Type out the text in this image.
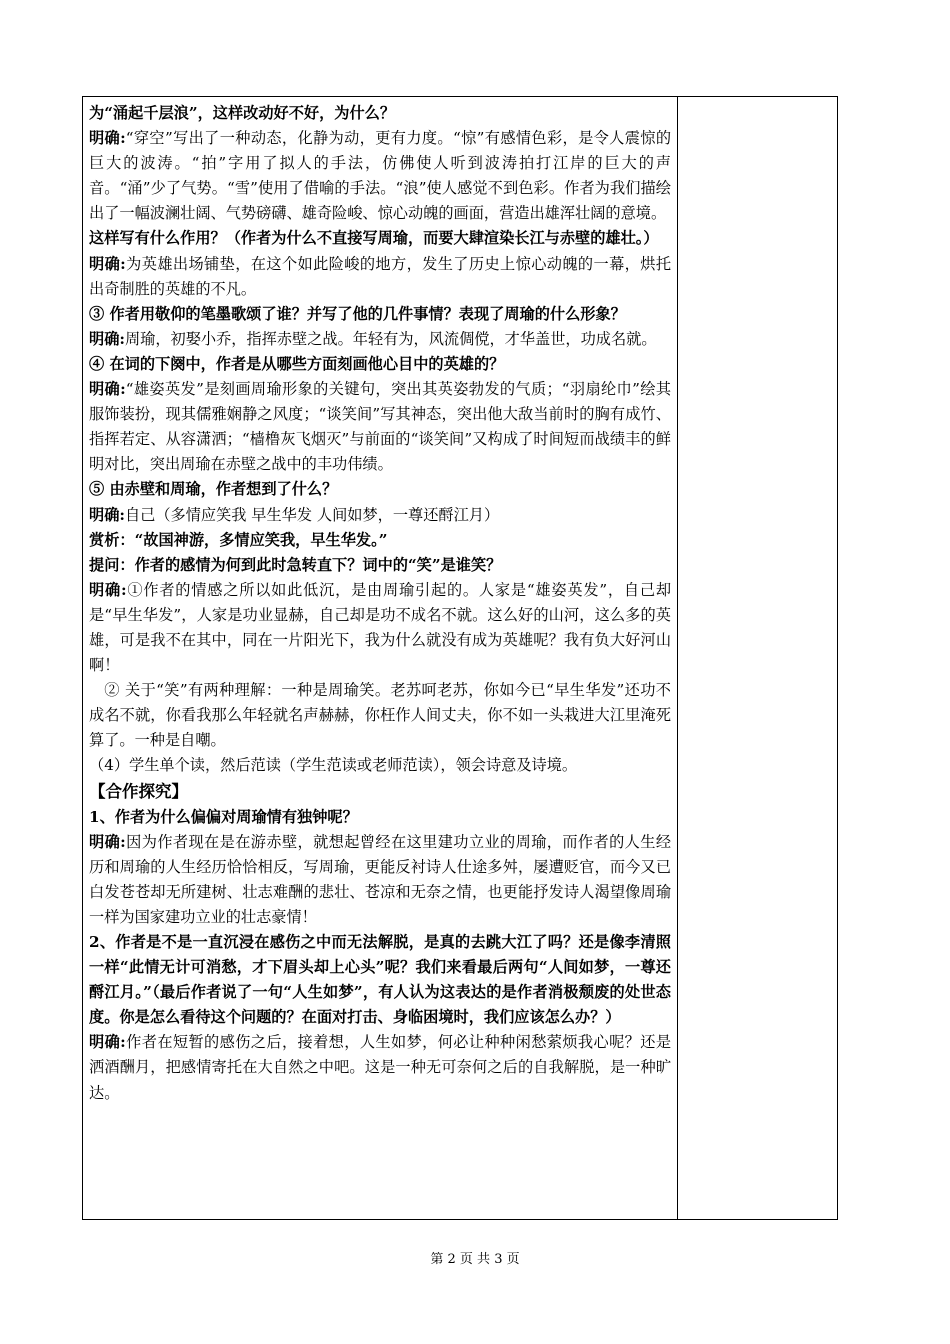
为“涌起千层浪”，这样改动好不好，为什么？

明确:“穿空”写出了一种动态，化静为动，更有力度。“惊”有感情色彩，是令人震惊的巨大的波涛。“拍”字用了拟人的手法，仿佛使人听到波涛拍打江岸的巨大的声音。“涌”少了气势。“雪”使用了借喻的手法。“浪”使人感觉不到色彩。作者为我们描绘出了一幅波澜壮阔、气势磅礴、雄奇险峻、惊心动魄的画面，营造出雄浑壮阔的意境。

这样写有什么作用？（作者为什么不直接写周瑜，而要大肆渲染长江与赤壁的雄壮。）

明确:为英雄出场铺垫，在这个如此险峻的地方，发生了历史上惊心动魄的一幕，烘托出奇制胜的英雄的不凡。

③ 作者用敬仰的笔墨歌颂了谁？并写了他的几件事情？表现了周瑜的什么形象？

明确:周瑜，初娶小乔，指挥赤壁之战。年轻有为，风流倜傥，才华盖世，功成名就。

④ 在词的下阕中，作者是从哪些方面刻画他心目中的英雄的？

明确:“雄姿英发”是刻画周瑜形象的关键句，突出其英姿勃发的气质；“羽扇纶巾”绘其服饰装扮，现其儒雅娴静之风度；“谈笑间”写其神态，突出他大敌当前时的胸有成竹、指挥若定、从容潇洒；“樯橹灰飞烟灭”与前面的“谈笑间”又构成了时间短而战绩丰的鲜明对比，突出周瑜在赤壁之战中的丰功伟绩。

⑤ 由赤壁和周瑜，作者想到了什么？

明确:自己（多情应笑我 早生华发 人间如梦，一尊还酹江月）

赏析：“故国神游，多情应笑我，早生华发。”

提问：作者的感情为何到此时急转直下？词中的“笑”是谁笑？

明确:①作者的情感之所以如此低沉，是由周瑜引起的。人家是“雄姿英发”，自己却是“早生华发”，人家是功业显赫，自己却是功不成名不就。这么好的山河，这么多的英雄，可是我不在其中，同在一片阳光下，我为什么就没有成为英雄呢？我有负大好河山啊！

② 关于“笑”有两种理解：一种是周瑜笑。老苏呵老苏，你如今已“早生华发”还功不成名不就，你看我那么年轻就名声赫赫，你枉作人间丈夫，你不如一头栽进大江里淹死算了。一种是自嘲。

（4）学生单个读，然后范读（学生范读或老师范读），领会诗意及诗境。

【合作探究】

1、作者为什么偏偏对周瑜情有独钟呢？

明确:因为作者现在是在游赤壁，就想起曾经在这里建功立业的周瑜，而作者的人生经历和周瑜的人生经历恰恰相反，写周瑜，更能反衬诗人仕途多舛，屡遭贬官，而今又已白发苍苍却无所建树、壮志难酬的悲壮、苍凉和无奈之情，也更能抒发诗人渴望像周瑜一样为国家建功立业的壮志豪情！

2、作者是不是一直沉浸在感伤之中而无法解脱，是真的去跳大江了吗？还是像李清照一样“此情无计可消愁，才下眉头却上心头”呢？我们来看最后两句“人间如梦，一尊还酹江月。”（最后作者说了一句“人生如梦”，有人认为这表达的是作者消极颓废的处世态度。你是怎么看待这个问题的？在面对打击、身临困境时，我们应该怎么办？）

明确:作者在短暂的感伤之后，接着想，人生如梦，何必让种种闲愁萦烦我心呢？还是洒酒酬月，把感情寄托在大自然之中吧。这是一种无可奈何之后的自我解脱，是一种旷达。

第 2 页 共 3 页
